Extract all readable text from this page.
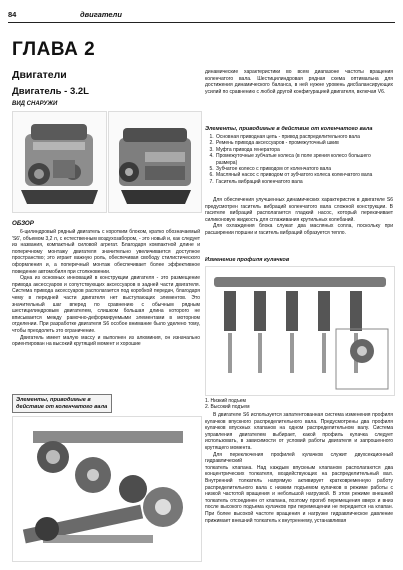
84	двигатели
ГЛАВА 2
Двигатели
Двигатель - 3.2L
ВИД СНАРУЖИ
ОБЗОР

6-цилиндровый рядный двигатель с коротким блоком, кратко обозначаемый 'S6', объемом 3,2 л, с естественным воздухозабором, - это новый и, как следует из названия, компактный силовой агрегат. Благодаря компактной длине и поперечному монтажу двигателя значительно увеличивается доступное пространство; это играет важную роль, обеспечивая свободу стилистического оформления и, а поперечный монтаж обеспечивает более эффективное поведение автомобиля при столкновении.

Одна из основных инноваций в конструкции двигателя - это размещение привода аксессуаров и сопутствующих аксессуаров в задней части двигателя. Система привода аксессуаров располагается под коробкой передач, благодаря чему в передней части двигателя нет выступающих элементов. Это значительный шаг вперед по сравнению с обычным рядным шестицилиндровым двигателем, слишком большая длина которого не вписывается между рамочно-деформируемыми элементами в моторном отделении. При разработке двигателя S6 особое внимание было уделено тому, чтобы преодолеть это ограничение.

Двигатель имеет малую массу и выполнен из алюминия, он изначально ориентирован на высокий крутящий момент и хорошие

Элементы, приводимые в действие от коленчатого вала

динамические характеристики во всем диапазоне частоты вращения коленчатого вала. Шестицилиндровая рядная схема оптимальна для достижения динамического баланса, в ней нужне уровень дисбалансирующих усилий по сравнению с любой другой конфигурацией двигателя, включая V6.

Элементы, приводимые в действие от коленчатого вала
1. Основная приводная цепь - привод распределительного вала
2. Ремень привода аксессуаров - промежуточный шкив
3. Муфта привода генератора
4. Промежуточные зубчатые колеса (в поле зрения колесо большего размера)
5. Зубчатое колесо с приводом от коленчатого вала
6. Масляный насос с приводом от зубчатого колеса коленчатого вала
7. Гаситель вибраций коленчатого вала

Для обеспечения улучшенных динамических характеристик в двигателе S6 предусмотрен гаситель вибраций коленчатого вала сложной конструкции. В гасителе вибраций располагается гладкий насос, который перекачивает силиконовую жидкость для сглаживания крутильных колебаний.

Для охлаждения блока служат два масляных сопла, поскольку при расширении поршни и гаситель вибраций образуется тепло.

Изменение профиля кулачков
1. Низкий подъем
2. Высокий подъем

В двигателе S6 используется запатентованная система изменения профиля кулачков впускного распределительного вала. Предусмотрены два профиля кулачков впускных клапанов на одном распределительном валу. Система управления двигателем выбирает, какой профиль кулачка следует использовать, в зависимости от условий работы двигателя и запрошенного крутящего момента.

Для переключения профилей кулачков служит двухсекционный гидравлический

толкатель клапана. Над каждым впускным клапаном располагаются два концентрических толкателя, воздействующих на распределительный вал. Внутренний толкатель напрямую активирует кратковременную работу распределительного вала с низким подъемом кулачков в режиме работы с низкой частотой вращения и небольшой нагрузкой. В этом режиме внешний толкатель отсоединен от клапана, поэтому прогиб перемещения вверх и вниз после высокого подъема кулачков при перемещении не передается на клапан. При более высокой частоте вращения и нагрузке гидравлическое давление прижимает внешний толкатель к внутреннему, устанавливая
